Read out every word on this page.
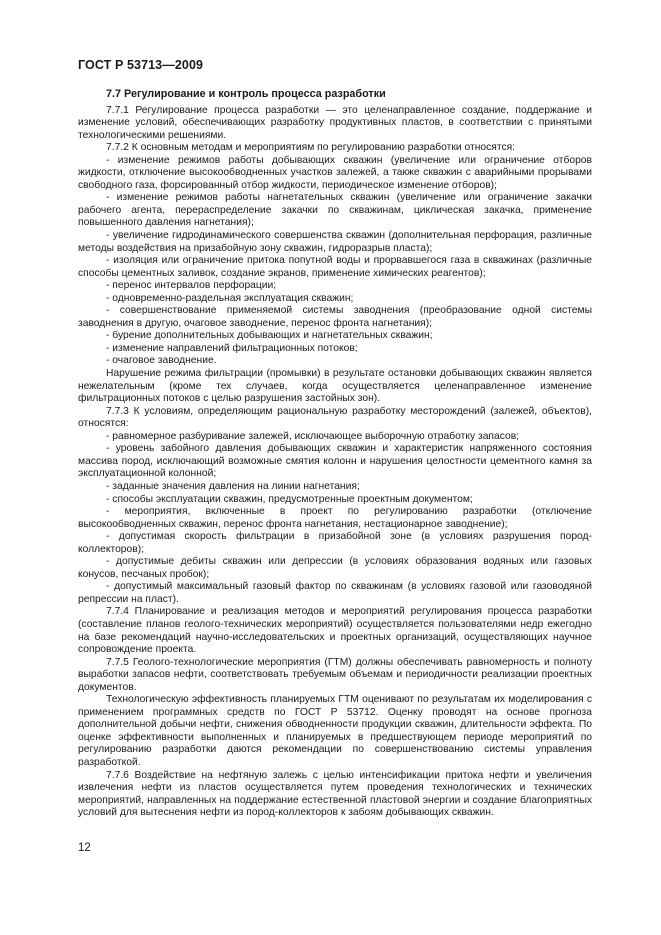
ГОСТ Р 53713—2009
7.7 Регулирование и контроль процесса разработки

7.7.1 Регулирование процесса разработки — это целенаправленное создание, поддержание и изменение условий, обеспечивающих разработку продуктивных пластов, в соответствии с принятыми технологическими решениями.

7.7.2 К основным методам и мероприятиям по регулированию разработки относятся:

- изменение режимов работы добывающих скважин (увеличение или ограничение отборов жидкости, отключение высокообводненных участков залежей, а также скважин с аварийными прорывами свободного газа, форсированный отбор жидкости, периодическое изменение отборов);

- изменение режимов работы нагнетательных скважин (увеличение или ограничение закачки рабочего агента, перераспределение закачки по скважинам, циклическая закачка, применение повышенного давления нагнетания);

- увеличение гидродинамического совершенства скважин (дополнительная перфорация, различные методы воздействия на призабойную зону скважин, гидроразрыв пласта);

- изоляция или ограничение притока попутной воды и прорвавшегося газа в скважинах (различные способы цементных заливок, создание экранов, применение химических реагентов);

- перенос интервалов перфорации;

- одновременно-раздельная эксплуатация скважин;

- совершенствование применяемой системы заводнения (преобразование одной системы заводнения в другую, очаговое заводнение, перенос фронта нагнетания);

- бурение дополнительных добывающих и нагнетательных скважин;

- изменение направлений фильтрационных потоков;

- очаговое заводнение.

Нарушение режима фильтрации (промывки) в результате остановки добывающих скважин является нежелательным (кроме тех случаев, когда осуществляется целенаправленное изменение фильтрационных потоков с целью разрушения застойных зон).

7.7.3 К условиям, определяющим рациональную разработку месторождений (залежей, объектов), относятся:

- равномерное разбуривание залежей, исключающее выборочную отработку запасов;

- уровень забойного давления добывающих скважин и характеристик напряженного состояния массива пород, исключающий возможные смятия колонн и нарушения целостности цементного камня за эксплуатационной колонной;

- заданные значения давления на линии нагнетания;

- способы эксплуатации скважин, предусмотренные проектным документом;

- мероприятия, включенные в проект по регулированию разработки (отключение высокообводненных скважин, перенос фронта нагнетания, нестационарное заводнение);

- допустимая скорость фильтрации в призабойной зоне (в условиях разрушения пород-коллекторов);

- допустимые дебиты скважин или депрессии (в условиях образования водяных или газовых конусов, песчаных пробок);

- допустимый максимальный газовый фактор по скважинам (в условиях газовой или газоводяной репрессии на пласт).

7.7.4 Планирование и реализация методов и мероприятий регулирования процесса разработки (составление планов геолого-технических мероприятий) осуществляется пользователями недр ежегодно на базе рекомендаций научно-исследовательских и проектных организаций, осуществляющих научное сопровождение проекта.

7.7.5 Геолого-технологические мероприятия (ГТМ) должны обеспечивать равномерность и полноту выработки запасов нефти, соответствовать требуемым объемам и периодичности реализации проектных документов.

Технологическую эффективность планируемых ГТМ оценивают по результатам их моделирования с применением программных средств по ГОСТ Р 53712. Оценку проводят на основе прогноза дополнительной добычи нефти, снижения обводненности продукции скважин, длительности эффекта. По оценке эффективности выполненных и планируемых в предшествующем периоде мероприятий по регулированию разработки даются рекомендации по совершенствованию системы управления разработкой.

7.7.6 Воздействие на нефтяную залежь с целью интенсификации притока нефти и увеличения извлечения нефти из пластов осуществляется путем проведения технологических и технических мероприятий, направленных на поддержание естественной пластовой энергии и создание благоприятных условий для вытеснения нефти из пород-коллекторов к забоям добывающих скважин.

12
